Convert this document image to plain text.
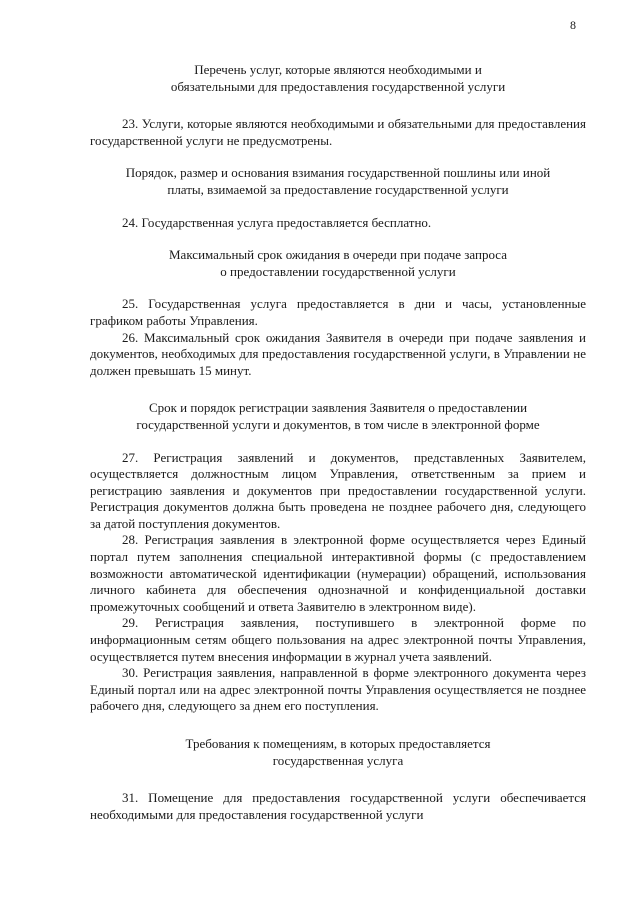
8
Перечень услуг, которые являются необходимыми и
обязательными для предоставления государственной услуги

23. Услуги, которые являются необходимыми и обязательными для предоставления государственной услуги не предусмотрены.

Порядок, размер и основания взимания государственной пошлины или иной
платы, взимаемой за предоставление государственной услуги

24. Государственная услуга предоставляется бесплатно.

Максимальный срок ожидания в очереди при подаче запроса
о предоставлении государственной услуги

25. Государственная услуга предоставляется в дни и часы, установленные графиком работы Управления.

26. Максимальный срок ожидания Заявителя в очереди при подаче заявления и документов, необходимых для предоставления государственной услуги, в Управлении не должен превышать 15 минут.

Срок и порядок регистрации заявления Заявителя о предоставлении
государственной услуги и документов, в том числе в электронной форме

27. Регистрация заявлений и документов, представленных Заявителем, осуществляется должностным лицом Управления, ответственным за прием и регистрацию заявления и документов при предоставлении государственной услуги. Регистрация документов должна быть проведена не позднее рабочего дня, следующего за датой поступления документов.

28. Регистрация заявления в электронной форме осуществляется через Единый портал путем заполнения специальной интерактивной формы (с предоставлением возможности автоматической идентификации (нумерации) обращений, использования личного кабинета для обеспечения однозначной и конфиденциальной доставки промежуточных сообщений и ответа Заявителю в электронном виде).

29. Регистрация заявления, поступившего в электронной форме по информационным сетям общего пользования на адрес электронной почты Управления, осуществляется путем внесения информации в журнал учета заявлений.

30. Регистрация заявления, направленной в форме электронного документа через Единый портал или на адрес электронной почты Управления осуществляется не позднее рабочего дня, следующего за днем его поступления.

Требования к помещениям, в которых предоставляется
государственная услуга

31. Помещение для предоставления государственной услуги обеспечивается необходимыми для предоставления государственной услуги
